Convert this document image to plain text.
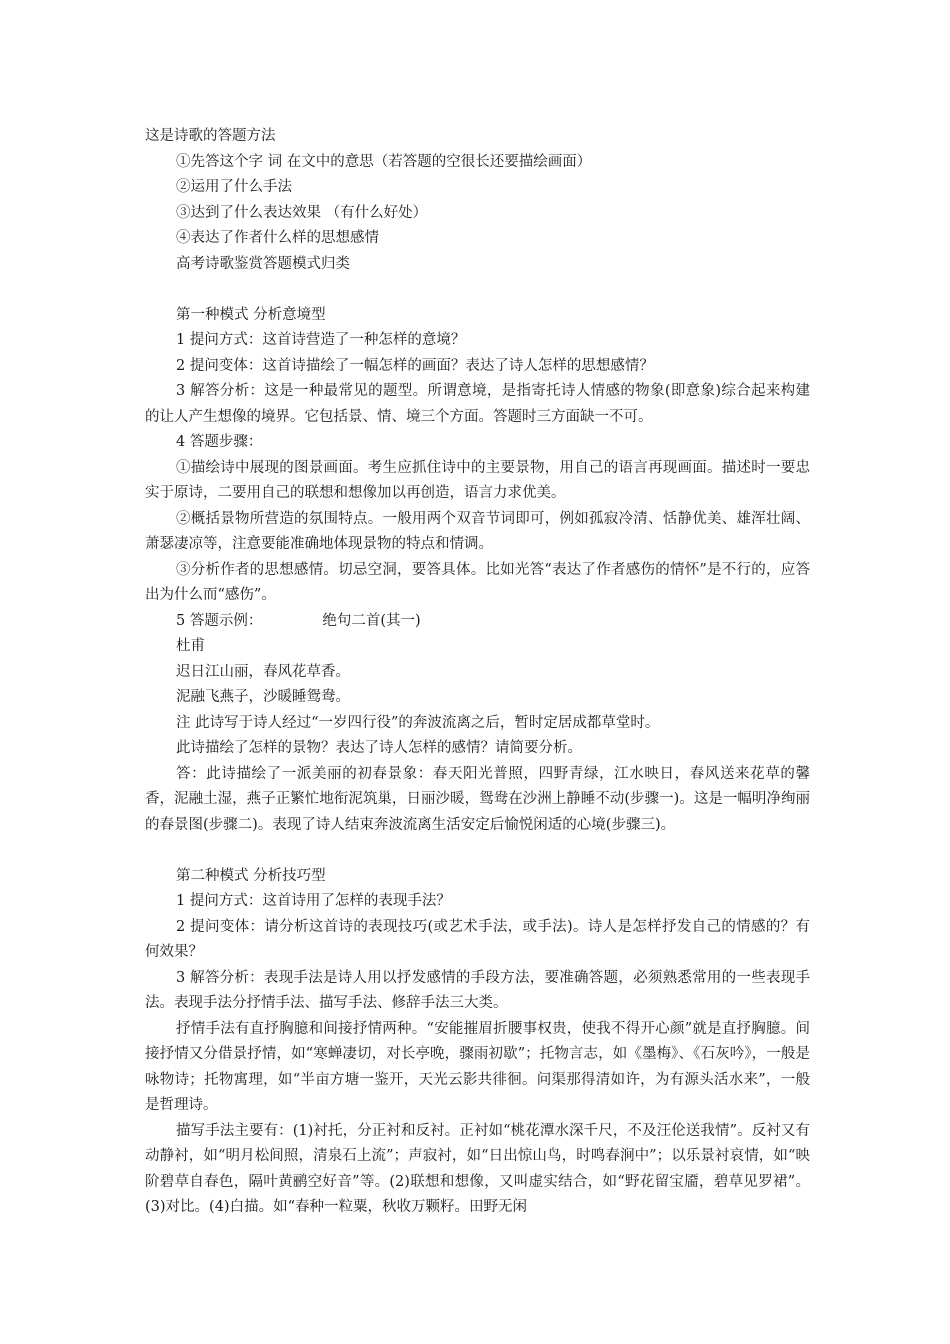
这是诗歌的答题方法

①先答这个字 词 在文中的意思（若答题的空很长还要描绘画面）

②运用了什么手法

③达到了什么表达效果 （有什么好处）

④表达了作者什么样的思想感情

高考诗歌鉴赏答题模式归类

第一种模式 分析意境型

1 提问方式：这首诗营造了一种怎样的意境？

2 提问变体：这首诗描绘了一幅怎样的画面？表达了诗人怎样的思想感情？

3 解答分析：这是一种最常见的题型。所谓意境，是指寄托诗人情感的物象(即意象)综合起来构建的让人产生想像的境界。它包括景、情、境三个方面。答题时三方面缺一不可。

4 答题步骤：

①描绘诗中展现的图景画面。考生应抓住诗中的主要景物，用自己的语言再现画面。描述时一要忠实于原诗，二要用自己的联想和想像加以再创造，语言力求优美。

②概括景物所营造的氛围特点。一般用两个双音节词即可，例如孤寂冷清、恬静优美、雄浑壮阔、萧瑟凄凉等，注意要能准确地体现景物的特点和情调。

③分析作者的思想感情。切忌空洞，要答具体。比如光答“表达了作者感伤的情怀”是不行的，应答出为什么而“感伤”。

5 答题示例：	绝句二首(其一)

杜甫

迟日江山丽，春风花草香。

泥融飞燕子，沙暖睡鸳鸯。

注 此诗写于诗人经过“一岁四行役”的奔波流离之后，暂时定居成都草堂时。

此诗描绘了怎样的景物？表达了诗人怎样的感情？请简要分析。

答：此诗描绘了一派美丽的初春景象：春天阳光普照，四野青绿，江水映日，春风送来花草的馨香，泥融土湿，燕子正繁忙地衔泥筑巢，日丽沙暖，鸳鸯在沙洲上静睡不动(步骤一)。这是一幅明净绚丽的春景图(步骤二)。表现了诗人结束奔波流离生活安定后愉悦闲适的心境(步骤三)。

第二种模式 分析技巧型

1 提问方式：这首诗用了怎样的表现手法？

2 提问变体：请分析这首诗的表现技巧(或艺术手法，或手法)。诗人是怎样抒发自己的情感的？有何效果？

3 解答分析：表现手法是诗人用以抒发感情的手段方法，要准确答题，必须熟悉常用的一些表现手法。表现手法分抒情手法、描写手法、修辞手法三大类。

抒情手法有直抒胸臆和间接抒情两种。“安能摧眉折腰事权贵，使我不得开心颜”就是直抒胸臆。间接抒情又分借景抒情，如“寒蝉凄切，对长亭晚，骤雨初歇”；托物言志，如《墨梅》、《石灰吟》，一般是咏物诗；托物寓理，如“半亩方塘一鉴开，天光云影共徘徊。问渠那得清如许，为有源头活水来”，一般是哲理诗。

描写手法主要有：(1)衬托，分正衬和反衬。正衬如“桃花潭水深千尺，不及汪伦送我情”。反衬又有动静衬，如“明月松间照，清泉石上流”；声寂衬，如“日出惊山鸟，时鸣春涧中”；以乐景衬哀情，如“映阶碧草自春色，隔叶黄鹂空好音”等。(2)联想和想像，又叫虚实结合，如“野花留宝靥，碧草见罗裙”。(3)对比。(4)白描。如“春种一粒粟，秋收万颗籽。田野无闲
